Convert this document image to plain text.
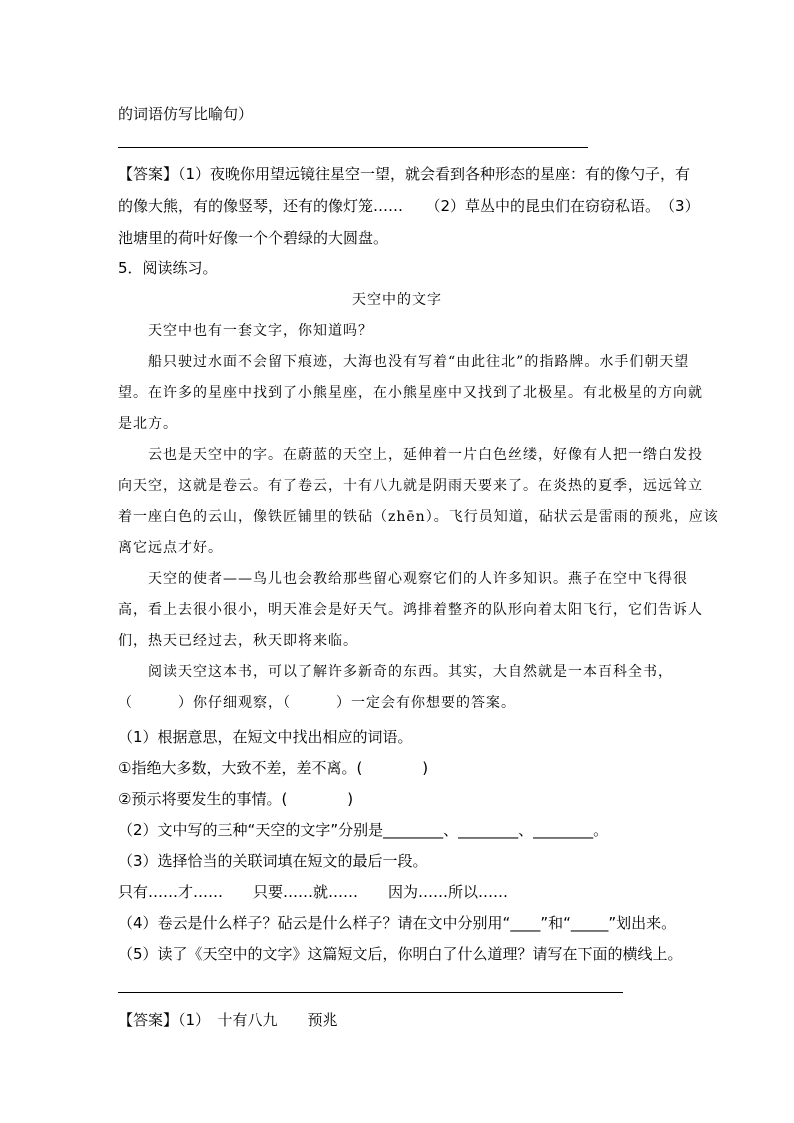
的词语仿写比喻句）
【答案】（1）夜晚你用望远镜往星空一望，就会看到各种形态的星座：有的像勺子，有
的像大熊，有的像竖琴，还有的像灯笼……　　（2）草丛中的昆虫们在窃窃私语。　（3）
池塘里的荷叶好像一个个碧绿的大圆盘。
5．阅读练习。
天空中的文字
天空中也有一套文字，你知道吗？
船只驶过水面不会留下痕迹，大海也没有写着“由此往北”的指路牌。水手们朝天望
望。在许多的星座中找到了小熊星座，在小熊星座中又找到了北极星。有北极星的方向就
是北方。
云也是天空中的字。在蔚蓝的天空上，延伸着一片白色丝缕，好像有人把一绺白发投
向天空，这就是卷云。有了卷云，十有八九就是阴雨天要来了。在炎热的夏季，远远耸立
着一座白色的云山，像铁匠铺里的铁砧（zhēn）。飞行员知道，砧状云是雷雨的预兆，应该
离它远点才好。
天空的使者——鸟儿也会教给那些留心观察它们的人许多知识。燕子在空中飞得很
高，看上去很小很小，明天准会是好天气。鸿排着整齐的队形向着太阳飞行，它们告诉人
们，热天已经过去，秋天即将来临。
阅读天空这本书，可以了解许多新奇的东西。其实，大自然就是一本百科全书，
（　　　）你仔细观察，（　　　）一定会有你想要的答案。
（1）根据意思，在短文中找出相应的词语。
①指绝大多数，大致不差，差不离。(　　　　)
②预示将要发生的事情。(　　　　)
（2）文中写的三种“天空的文字”分别是________、________、________。
（3）选择恰当的关联词填在短文的最后一段。
只有……才……　　只要……就……　　因为……所以……
（4）卷云是什么样子？砧云是什么样子？请在文中分别用“____”和“_____”划出来。
（5）读了《天空中的文字》这篇短文后，你明白了什么道理？请写在下面的横线上。
【答案】（1）　十有八九　　预兆
